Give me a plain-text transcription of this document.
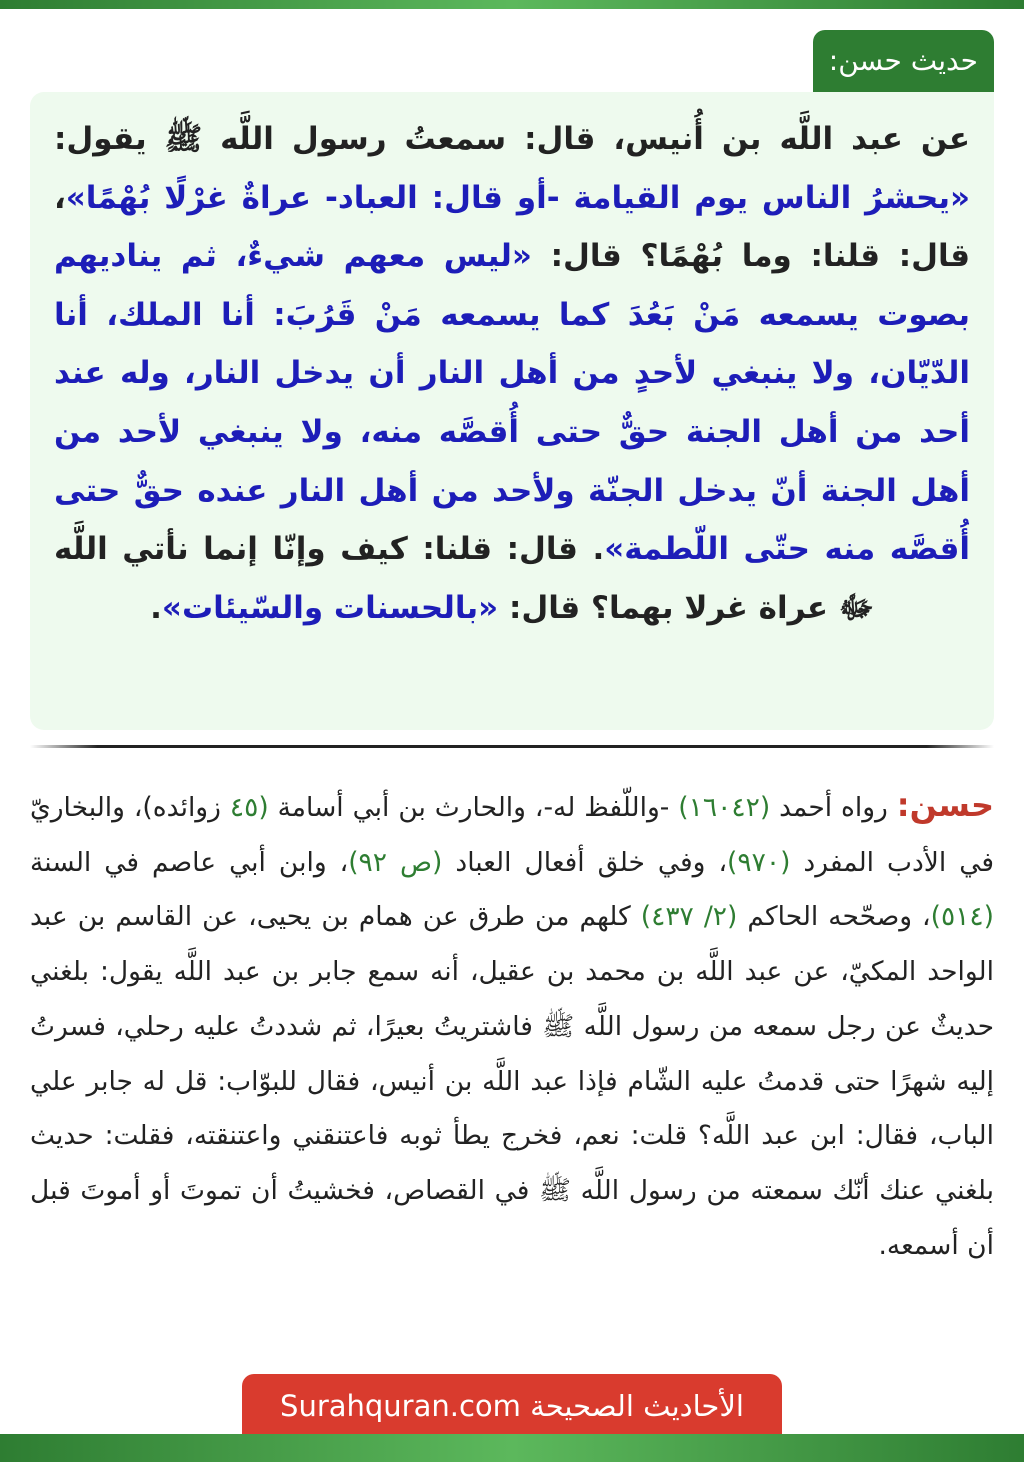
حديث حسن:
عن عبد اللَّه بن أُنيس، قال: سمعتُ رسول اللَّه ﷺ يقول: «يحشرُ الناس يوم القيامة -أو قال: العباد- عراةٌ غرْلًا بُهْمًا»، قال: قلنا: وما بُهْمًا؟ قال: «ليس معهم شيءٌ، ثم يناديهم بصوت يسمعه مَنْ بَعُدَ كما يسمعه مَنْ قَرُبَ: أنا الملك، أنا الدّيّان، ولا ينبغي لأحدٍ من أهل النار أن يدخل النار، وله عند أحد من أهل الجنة حقٌّ حتى أُقصَّه منه، ولا ينبغي لأحد من أهل الجنة أنّ يدخل الجنّة ولأحد من أهل النار عنده حقٌّ حتى أُقصَّه منه حتّى اللّطمة». قال: قلنا: كيف وإنّا إنما نأتي اللَّه ﷻ عراة غرلا بهما؟ قال: «بالحسنات والسّيئات».
حسن: رواه أحمد (١٦٠٤٢) -واللّفظ له-، والحارث بن أبي أسامة (٤٥ زوائده)، والبخاريّ في الأدب المفرد (٩٧٠)، وفي خلق أفعال العباد (ص ٩٢)، وابن أبي عاصم في السنة (٥١٤)، وصحّحه الحاكم (٢/ ٤٣٧) كلهم من طرق عن همام بن يحيى، عن القاسم بن عبد الواحد المكيّ، عن عبد اللَّه بن محمد بن عقيل، أنه سمع جابر بن عبد اللَّه يقول: بلغني حديثٌ عن رجل سمعه من رسول اللَّه ﷺ فاشتريتُ بعيرًا، ثم شددتُ عليه رحلي، فسرتُ إليه شهرًا حتى قدمتُ عليه الشّام فإذا عبد اللَّه بن أنيس، فقال للبوّاب: قل له جابر علي الباب، فقال: ابن عبد اللَّه؟ قلت: نعم، فخرج يطأ ثوبه فاعتنقني واعتنقته، فقلت: حديث بلغني عنك أنّك سمعته من رسول اللَّه ﷺ في القصاص، فخشيتُ أن تموتَ أو أموتَ قبل أن أسمعه.
الأحاديث الصحيحة Surahquran.com
